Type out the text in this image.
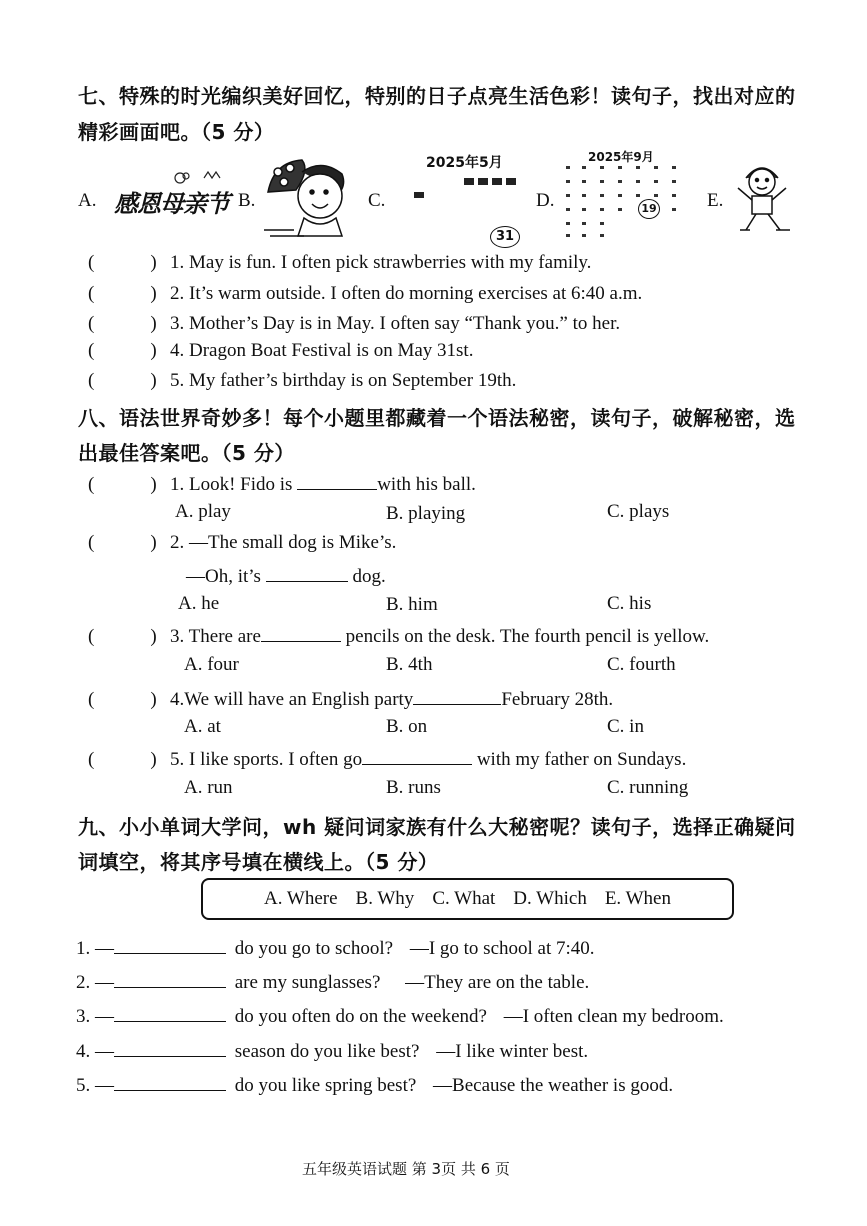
七、特殊的时光编织美好回忆，特别的日子点亮生活色彩！读句子，找出对应的
精彩画面吧。（5 分）
A. 感恩母亲节 B.	C.
2025年5月
31
D.
2025年9月
19	E.
(	) 1. May is fun. I often pick strawberries with my family.
(	) 2. It’s warm outside. I often do morning exercises at 6:40 a.m.
(	) 3. Mother’s Day is in May. I often say “Thank you.” to her.
(	) 4. Dragon Boat Festival is on May 31st.
(	) 5. My father’s birthday is on September 19th.
八、语法世界奇妙多！每个小题里都藏着一个语法秘密，读句子，破解秘密，选
出最佳答案吧。（5 分）
(	) 1. Look! Fido is	with his ball.
A. play	B. playing	C. plays
(	) 2. —The small dog is Mike’s.
—Oh, it’s	dog.
A. he	B. him	C. his
(	) 3. There are	pencils on the desk. The fourth pencil is yellow.
A. four	B. 4th	C. fourth
(	) 4.We will have an English party	February 28th.
A. at	B. on	C. in
(	) 5. I like sports. I often go	with my father on Sundays.
A. run	B. runs	C. running
九、小小单词大学问，wh 疑问词家族有什么大秘密呢？读句子，选择正确疑问
词填空，将其序号填在横线上。（5 分）
A. Where B. Why C. What D. Which E. When
1. —	do you go to school? —I go to school at 7:40.
2. —	are my sunglasses? —They are on the table.
3. —	do you often do on the weekend? —I often clean my bedroom.
4. —	season do you like best? —I like winter best.
5. —	do you like spring best? —Because the weather is good.
五年级英语试题 第 3页 共 6 页
